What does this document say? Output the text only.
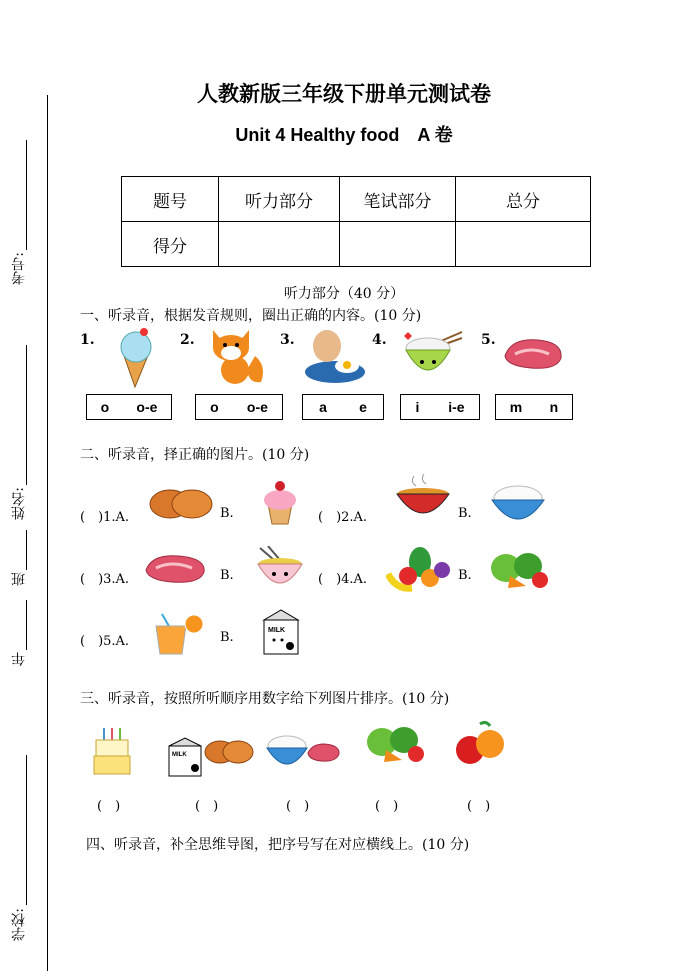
考号:
姓名:
班
年
学校:
人教新版三年级下册单元测试卷
Unit 4 Healthy food　A 卷
题号	听力部分	笔试部分	总分
得分			
听力部分（40 分）
一、听录音，根据发音规则，圈出正确的内容。(10 分)
1.	2.	3.	4.	5.
o o-e	o o-e	a e	i i-e	m n
二、听录音，择正确的图片。(10 分)
(　)1.A.	B.	(　)2.A.	B.
(　)3.A.	B.	(　)4.A.	B.
(　)5.A.	B.	MILK
三、听录音，按照所听顺序用数字给下列图片排序。(10 分)
MILK
(　)	(　)	(　)	(　)	(　)
四、听录音，补全思维导图，把序号写在对应横线上。(10 分)
